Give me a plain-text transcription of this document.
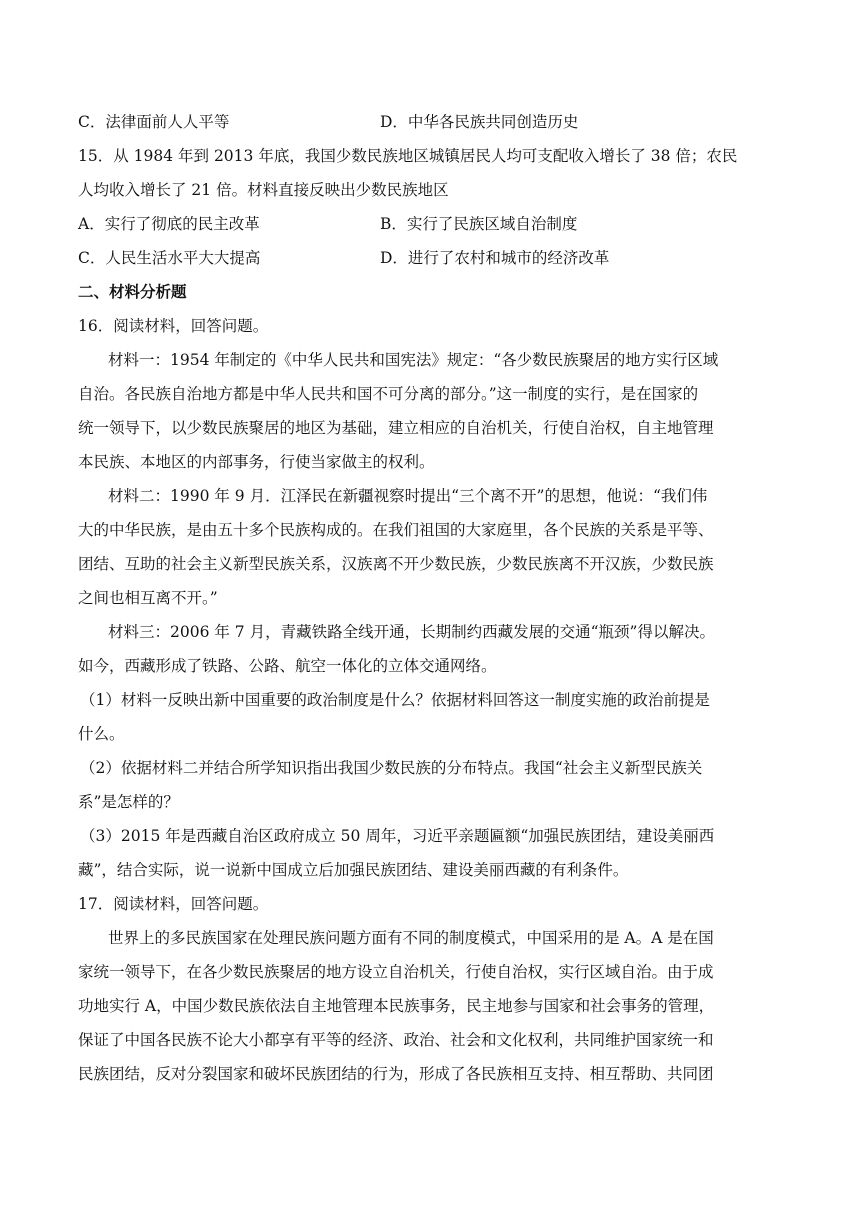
C．法律面前人人平等	D．中华各民族共同创造历史
15．从 1984 年到 2013 年底，我国少数民族地区城镇居民人均可支配收入增长了 38 倍；农民
人均收入增长了 21 倍。材料直接反映出少数民族地区
A．实行了彻底的民主改革	B．实行了民族区域自治制度
C．人民生活水平大大提高	D．进行了农村和城市的经济改革
二、材料分析题
16．阅读材料，回答问题。
材料一：1954 年制定的《中华人民共和国宪法》规定：“各少数民族聚居的地方实行区域
自治。各民族自治地方都是中华人民共和国不可分离的部分。”这一制度的实行，是在国家的
统一领导下，以少数民族聚居的地区为基础，建立相应的自治机关，行使自治权，自主地管理
本民族、本地区的内部事务，行使当家做主的权利。
材料二：1990 年 9 月．江泽民在新疆视察时提出“三个离不开”的思想，他说：“我们伟
大的中华民族，是由五十多个民族构成的。在我们祖国的大家庭里，各个民族的关系是平等、
团结、互助的社会主义新型民族关系，汉族离不开少数民族，少数民族离不开汉族，少数民族
之间也相互离不开。”
材料三：2006 年 7 月，青藏铁路全线开通，长期制约西藏发展的交通“瓶颈”得以解决。
如今，西藏形成了铁路、公路、航空一体化的立体交通网络。
（1）材料一反映出新中国重要的政治制度是什么？依据材料回答这一制度实施的政治前提是
什么。
（2）依据材料二并结合所学知识指出我国少数民族的分布特点。我国“社会主义新型民族关
系”是怎样的？
（3）2015 年是西藏自治区政府成立 50 周年，习近平亲题匾额“加强民族团结，建设美丽西
藏”，结合实际，说一说新中国成立后加强民族团结、建设美丽西藏的有利条件。
17．阅读材料，回答问题。
世界上的多民族国家在处理民族问题方面有不同的制度模式，中国采用的是 A。A 是在国
家统一领导下，在各少数民族聚居的地方设立自治机关，行使自治权，实行区域自治。由于成
功地实行 A，中国少数民族依法自主地管理本民族事务，民主地参与国家和社会事务的管理，
保证了中国各民族不论大小都享有平等的经济、政治、社会和文化权利，共同维护国家统一和
民族团结，反对分裂国家和破坏民族团结的行为，形成了各民族相互支持、相互帮助、共同团
